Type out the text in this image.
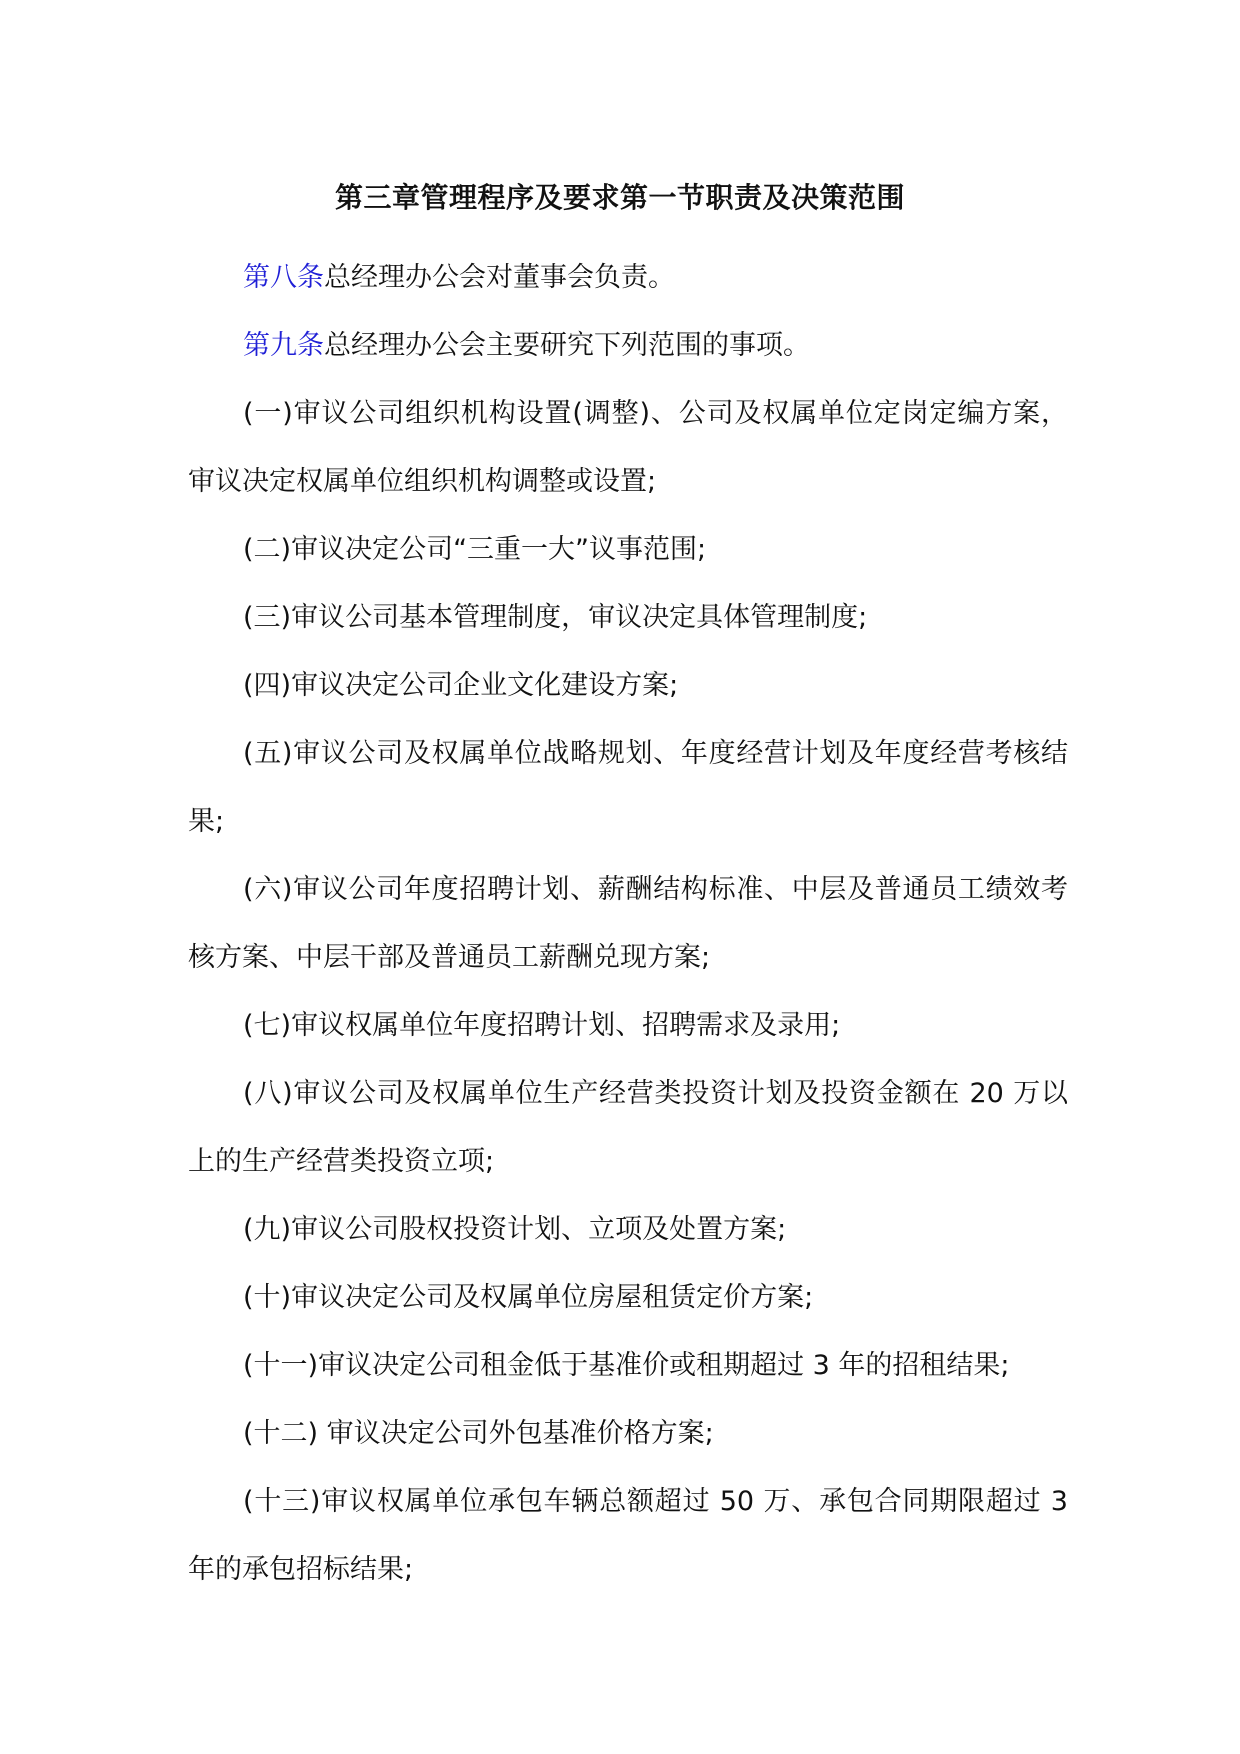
第三章管理程序及要求第一节职责及决策范围

第八条总经理办公会对董事会负责。

第九条总经理办公会主要研究下列范围的事项。

(一)审议公司组织机构设置(调整)、公司及权属单位定岗定编方案，审议决定权属单位组织机构调整或设置;

(二)审议决定公司“三重一大”议事范围;

(三)审议公司基本管理制度，审议决定具体管理制度;

(四)审议决定公司企业文化建设方案;

(五)审议公司及权属单位战略规划、年度经营计划及年度经营考核结果;

(六)审议公司年度招聘计划、薪酬结构标准、中层及普通员工绩效考核方案、中层干部及普通员工薪酬兑现方案;

(七)审议权属单位年度招聘计划、招聘需求及录用;

(八)审议公司及权属单位生产经营类投资计划及投资金额在 20 万以上的生产经营类投资立项;

(九)审议公司股权投资计划、立项及处置方案;

(十)审议决定公司及权属单位房屋租赁定价方案;

(十一)审议决定公司租金低于基准价或租期超过 3 年的招租结果;

(十二) 审议决定公司外包基准价格方案;

(十三)审议权属单位承包车辆总额超过 50 万、承包合同期限超过 3 年的承包招标结果;
